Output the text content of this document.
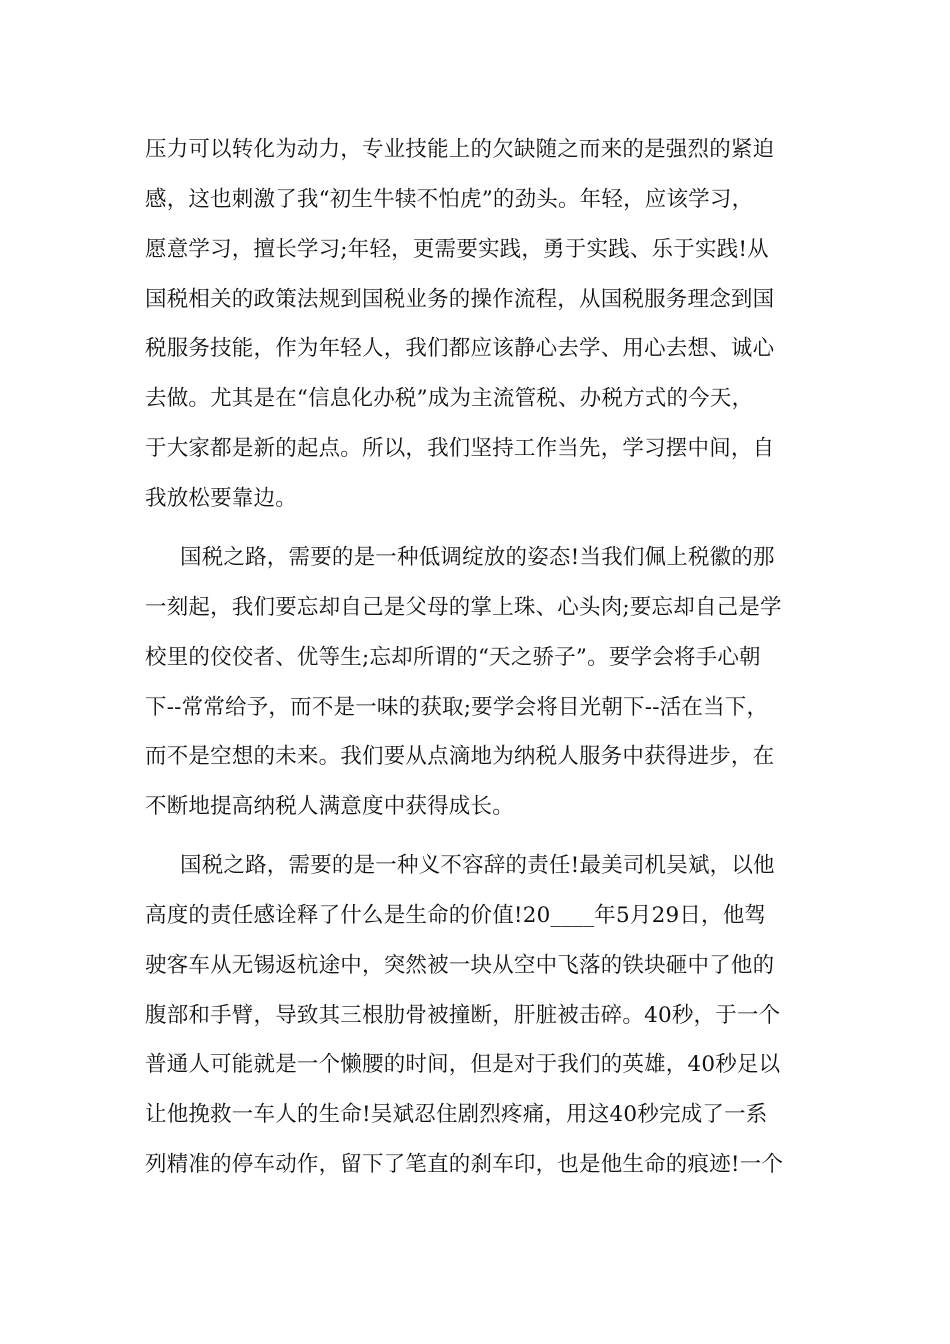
压力可以转化为动力，专业技能上的欠缺随之而来的是强烈的紧迫
感，这也刺激了我“初生牛犊不怕虎”的劲头。年轻，应该学习，
愿意学习，擅长学习;年轻，更需要实践，勇于实践、乐于实践!从
国税相关的政策法规到国税业务的操作流程，从国税服务理念到国
税服务技能，作为年轻人，我们都应该静心去学、用心去想、诚心
去做。尤其是在“信息化办税”成为主流管税、办税方式的今天，
于大家都是新的起点。所以，我们坚持工作当先，学习摆中间，自
我放松要靠边。
国税之路，需要的是一种低调绽放的姿态!当我们佩上税徽的那
一刻起，我们要忘却自己是父母的掌上珠、心头肉;要忘却自己是学
校里的佼佼者、优等生;忘却所谓的“天之骄子”。要学会将手心朝
下--常常给予，而不是一味的获取;要学会将目光朝下--活在当下，
而不是空想的未来。我们要从点滴地为纳税人服务中获得进步，在
不断地提高纳税人满意度中获得成长。
国税之路，需要的是一种义不容辞的责任!最美司机吴斌，以他
高度的责任感诠释了什么是生命的价值!20____年5月29日，他驾
驶客车从无锡返杭途中，突然被一块从空中飞落的铁块砸中了他的
腹部和手臂，导致其三根肋骨被撞断，肝脏被击碎。40秒，于一个
普通人可能就是一个懒腰的时间，但是对于我们的英雄，40秒足以
让他挽救一车人的生命!吴斌忍住剧烈疼痛，用这40秒完成了一系
列精准的停车动作，留下了笔直的刹车印，也是他生命的痕迹!一个
